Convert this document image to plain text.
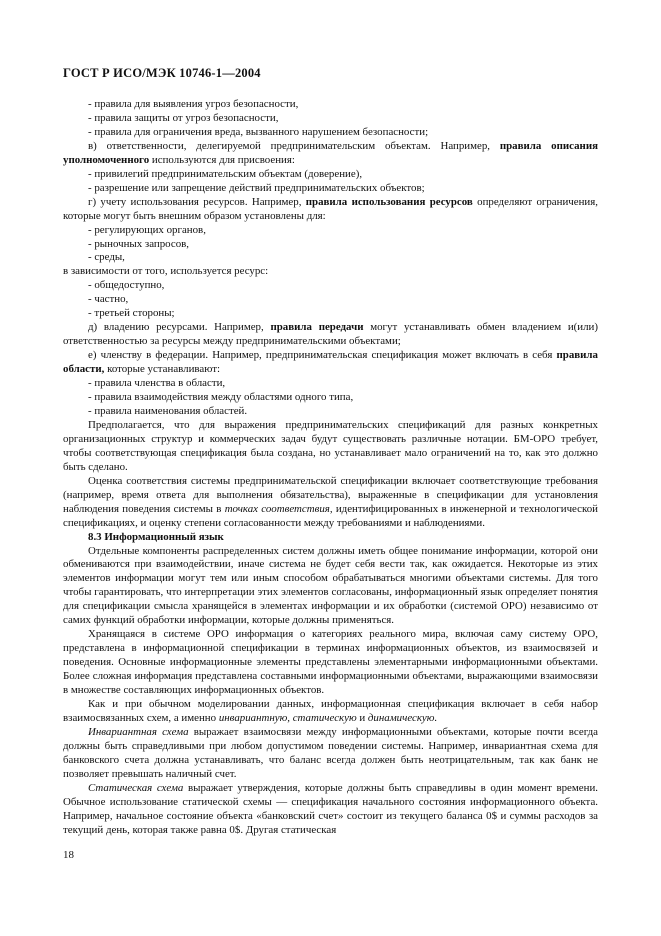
ГОСТ Р ИСО/МЭК 10746-1—2004

- правила для выявления угроз безопасности,

- правила защиты от угроз безопасности,

- правила для ограничения вреда, вызванного нарушением безопасности;

в) ответственности, делегируемой предпринимательским объектам. Например, правила описания уполномоченного используются для присвоения:

- привилегий предпринимательским объектам (доверение),

- разрешение или запрещение действий предпринимательских объектов;

г) учету использования ресурсов. Например, правила использования ресурсов определяют ограничения, которые могут быть внешним образом установлены для:

- регулирующих органов,

- рыночных запросов,

- среды,

в зависимости от того, используется ресурс:

- общедоступно,

- частно,

- третьей стороны;

д) владению ресурсами. Например, правила передачи могут устанавливать обмен владением и(или) ответственностью за ресурсы между предпринимательскими объектами;

е) членству в федерации. Например, предпринимательская спецификация может включать в себя правила области, которые устанавливают:

- правила членства в области,

- правила взаимодействия между областями одного типа,

- правила наименования областей.

Предполагается, что для выражения предпринимательских спецификаций для разных конкретных организационных структур и коммерческих задач будут существовать различные нотации. БМ-ОРО требует, чтобы соответствующая спецификация была создана, но устанавливает мало ограничений на то, как это должно быть сделано.

Оценка соответствия системы предпринимательской спецификации включает соответствующие требования (например, время ответа для выполнения обязательства), выраженные в спецификации для установления наблюдения поведения системы в точках соответствия, идентифицированных в инженерной и технологической спецификациях, и оценку степени согласованности между требованиями и наблюдениями.

8.3 Информационный язык

Отдельные компоненты распределенных систем должны иметь общее понимание информации, которой они обмениваются при взаимодействии, иначе система не будет себя вести так, как ожидается. Некоторые из этих элементов информации могут тем или иным способом обрабатываться многими объектами системы. Для того чтобы гарантировать, что интерпретации этих элементов согласованы, информационный язык определяет понятия для спецификации смысла хранящейся в элементах информации и их обработки (системой ОРО) независимо от самих функций обработки информации, которые должны применяться.

Хранящаяся в системе ОРО информация о категориях реального мира, включая саму систему ОРО, представлена в информационной спецификации в терминах информационных объектов, из взаимосвязей и поведения. Основные информационные элементы представлены элементарными информационными объектами. Более сложная информация представлена составными информационными объектами, выражающими взаимосвязи в множестве составляющих информационных объектов.

Как и при обычном моделировании данных, информационная спецификация включает в себя набор взаимосвязанных схем, а именно инвариантную, статическую и динамическую.

Инвариантная схема выражает взаимосвязи между информационными объектами, которые почти всегда должны быть справедливыми при любом допустимом поведении системы. Например, инвариантная схема для банковского счета должна устанавливать, что баланс всегда должен быть неотрицательным, так как банк не позволяет превышать наличный счет.

Статическая схема выражает утверждения, которые должны быть справедливы в один момент времени. Обычное использование статической схемы — спецификация начального состояния информационного объекта. Например, начальное состояние объекта «банковский счет» состоит из текущего баланса 0$ и суммы расходов за текущий день, которая также равна 0$. Другая статическая

18
